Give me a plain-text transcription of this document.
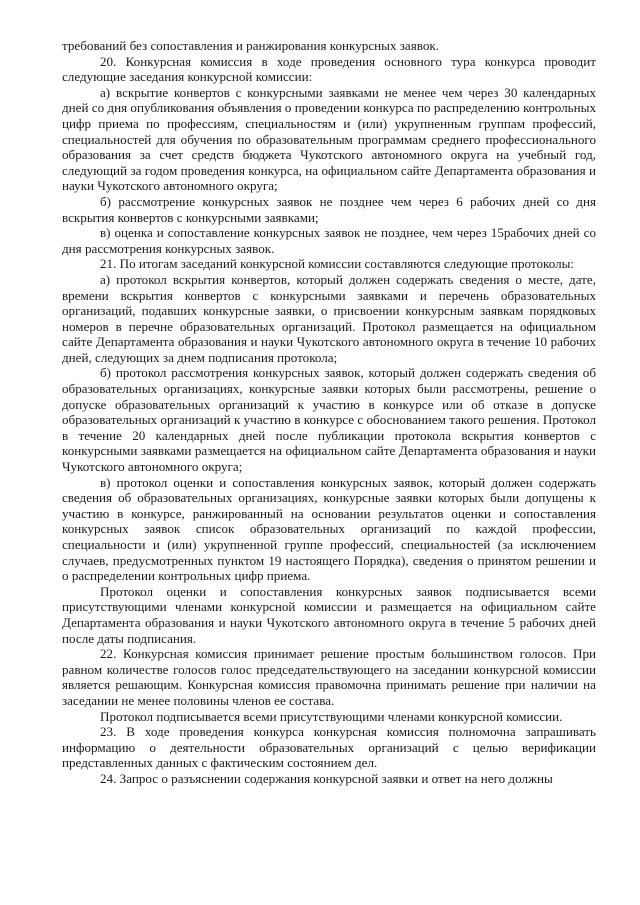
требований без сопоставления и ранжирования конкурсных заявок.

20. Конкурсная комиссия в ходе проведения основного тура конкурса проводит следующие заседания конкурсной комиссии:

а) вскрытие конвертов с конкурсными заявками не менее чем через 30 календарных дней со дня опубликования объявления о проведении конкурса по распределению контрольных цифр приема по профессиям, специальностям и (или) укрупненным группам профессий, специальностей для обучения по образовательным программам среднего профессионального образования за счет средств бюджета Чукотского автономного округа на учебный год, следующий за годом проведения конкурса, на официальном сайте Департамента образования и науки Чукотского автономного округа;

б) рассмотрение конкурсных заявок не позднее чем через 6 рабочих дней со дня вскрытия конвертов с конкурсными заявками;

в) оценка и сопоставление конкурсных заявок не позднее, чем через 15рабочих дней со дня рассмотрения конкурсных заявок.

21. По итогам заседаний конкурсной комиссии составляются следующие протоколы:

а) протокол вскрытия конвертов, который должен содержать сведения о месте, дате, времени вскрытия конвертов с конкурсными заявками и перечень образовательных организаций, подавших конкурсные заявки, о присвоении конкурсным заявкам порядковых номеров в перечне образовательных организаций. Протокол размещается на официальном сайте Департамента образования и науки Чукотского автономного округа в течение 10 рабочих дней, следующих за днем подписания протокола;

б) протокол рассмотрения конкурсных заявок, который должен содержать сведения об образовательных организациях, конкурсные заявки которых были рассмотрены, решение о допуске образовательных организаций к участию в конкурсе или об отказе в допуске образовательных организаций к участию в конкурсе с обоснованием такого решения. Протокол в течение 20 календарных дней после публикации протокола вскрытия конвертов с конкурсными заявками размещается на официальном сайте Департамента образования и науки Чукотского автономного округа;

в) протокол оценки и сопоставления конкурсных заявок, который должен содержать сведения об образовательных организациях, конкурсные заявки которых были допущены к участию в конкурсе, ранжированный на основании результатов оценки и сопоставления конкурсных заявок список образовательных организаций по каждой профессии, специальности и (или) укрупненной группе профессий, специальностей (за исключением случаев, предусмотренных пунктом 19 настоящего Порядка), сведения о принятом решении и о распределении контрольных цифр приема.

Протокол оценки и сопоставления конкурсных заявок подписывается всеми присутствующими членами конкурсной комиссии и размещается на официальном сайте Департамента образования и науки Чукотского автономного округа в течение 5 рабочих дней после даты подписания.

22. Конкурсная комиссия принимает решение простым большинством голосов. При равном количестве голосов голос председательствующего на заседании конкурсной комиссии является решающим. Конкурсная комиссия правомочна принимать решение при наличии на заседании не менее половины членов ее состава.

Протокол подписывается всеми присутствующими членами конкурсной комиссии.

23. В ходе проведения конкурса конкурсная комиссия полномочна запрашивать информацию о деятельности образовательных организаций с целью верификации представленных данных с фактическим состоянием дел.

24. Запрос о разъяснении содержания конкурсной заявки и ответ на него должны
